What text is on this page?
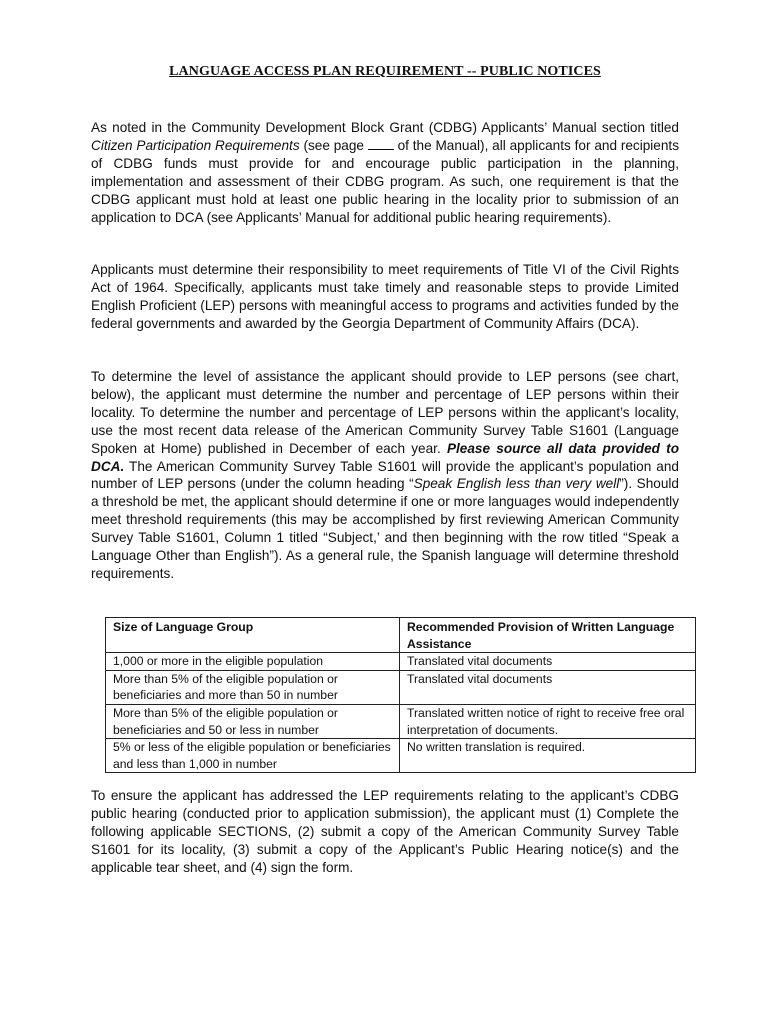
LANGUAGE ACCESS PLAN REQUIREMENT -- PUBLIC NOTICES
As noted in the Community Development Block Grant (CDBG) Applicants’ Manual section titled Citizen Participation Requirements (see page  of the Manual), all applicants for and recipients of CDBG funds must provide for and encourage public participation in the planning, implementation and assessment of their CDBG program. As such, one requirement is that the CDBG applicant must hold at least one public hearing in the locality prior to submission of an application to DCA (see Applicants’ Manual for additional public hearing requirements).
Applicants must determine their responsibility to meet requirements of Title VI of the Civil Rights Act of 1964. Specifically, applicants must take timely and reasonable steps to provide Limited English Proficient (LEP) persons with meaningful access to programs and activities funded by the federal governments and awarded by the Georgia Department of Community Affairs (DCA).
To determine the level of assistance the applicant should provide to LEP persons (see chart, below), the applicant must determine the number and percentage of LEP persons within their locality. To determine the number and percentage of LEP persons within the applicant’s locality, use the most recent data release of the American Community Survey Table S1601 (Language Spoken at Home) published in December of each year. Please source all data provided to DCA. The American Community Survey Table S1601 will provide the applicant’s population and number of LEP persons (under the column heading “Speak English less than very well”). Should a threshold be met, the applicant should determine if one or more languages would independently meet threshold requirements (this may be accomplished by first reviewing American Community Survey Table S1601, Column 1 titled “Subject,’ and then beginning with the row titled “Speak a Language Other than English”). As a general rule, the Spanish language will determine threshold requirements.
Size of Language Group	Recommended Provision of Written Language Assistance
1,000 or more in the eligible population	Translated vital documents
More than 5% of the eligible population or beneficiaries and more than 50 in number	Translated vital documents
More than 5% of the eligible population or beneficiaries and 50 or less in number	Translated written notice of right to receive free oral interpretation of documents.
5% or less of the eligible population or beneficiaries and less than 1,000 in number	No written translation is required.
To ensure the applicant has addressed the LEP requirements relating to the applicant’s CDBG public hearing (conducted prior to application submission), the applicant must (1) Complete the following applicable SECTIONS, (2) submit a copy of the American Community Survey Table S1601 for its locality, (3) submit a copy of the Applicant’s Public Hearing notice(s) and the applicable tear sheet, and (4) sign the form.
